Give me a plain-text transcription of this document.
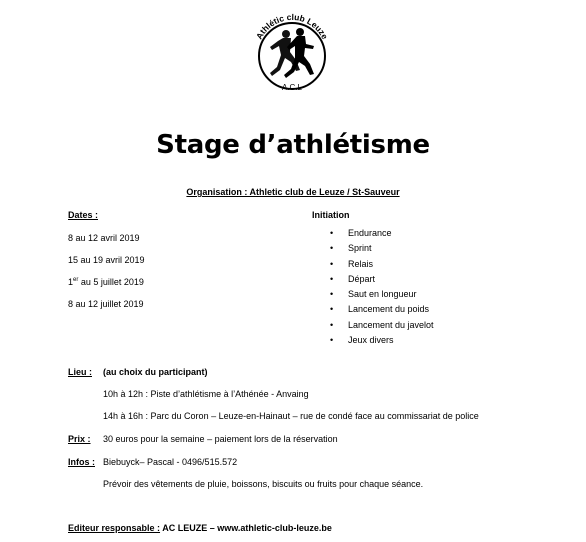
Athlétic club Leuze
A.C.L
Stage d’athlétisme
Organisation : Athletic club de Leuze / St-Sauveur
Dates :
8 au 12 avril 2019
15 au 19 avril 2019
1er au 5 juillet 2019
8 au 12 juillet 2019
Initiation
• Endurance
• Sprint
• Relais
• Départ
• Saut en longueur
• Lancement du poids
• Lancement du javelot
• Jeux divers
Lieu : (au choix du participant)
10h à 12h : Piste d’athlétisme à l’Athénée - Anvaing
14h à 16h : Parc du Coron – Leuze-en-Hainaut – rue de condé face au commissariat de police
Prix : 30 euros pour la semaine – paiement lors de la réservation
Infos : Biebuyck– Pascal - 0496/515.572
Prévoir des vêtements de pluie, boissons, biscuits ou fruits pour chaque séance.
Editeur responsable : AC LEUZE – www.athletic-club-leuze.be
